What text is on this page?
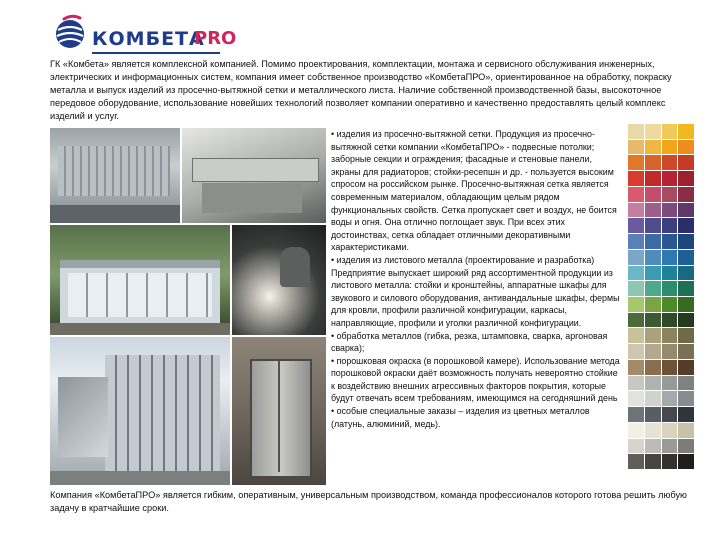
КОМБЕТА
PRO
ГК «Комбета» является комплексной компанией. Помимо проектирования, комплектации, монтажа и сервисного обслуживания инженерных, электрических и информационных систем, компания имеет собственное производство «КомбетаПРО», ориентированное на обработку, покраску металла и выпуск изделий из просечно-вытяжной сетки и металлического листа. Наличие собственной производственной базы, высокоточное передовое оборудование, использование новейших технологий позволяет компании оперативно и качественно предоставлять целый комплекс изделий и услуг.
• изделия из просечно-вытяжной сетки. Продукция из просечно-вытяжной сетки компании «КомбетаПРО» - подвесные потолки; заборные секции и ограждения; фасадные и стеновые панели, экраны для радиаторов; стойки-ресепшн и др. - пользуется высоким спросом на российском рынке. Просечно-вытяжная сетка является современным материалом, обладающим целым рядом функциональных свойств. Сетка пропускает свет и воздух, не боится воды и огня. Она отлично поглощает звук. При всех этих достоинствах, сетка обладает отличными декоративными характеристиками.
• изделия из листового металла (проектирование и разработка) Предприятие выпускает широкий ряд ассортиментной продукции из листового металла: стойки и кронштейны, аппаратные шкафы для звукового и силового оборудования, антивандальные шкафы, фермы для кровли, профили различной конфигурации, каркасы, направляющие, профили и уголки различной конфигурации.
• обработка металлов (гибка, резка, штамповка, сварка, аргоновая сварка);
• порошковая окраска (в порошковой камере). Использование метода порошковой окраски даёт возможность получать невероятно стойкие к воздействию внешних агрессивных факторов покрытия, которые будут отвечать всем требованиям, имеющимся на сегодняшний день
• особые специальные заказы – изделия из цветных металлов (латунь, алюминий, медь).
Компания «КомбетаПРО» является гибким, оперативным, универсальным производством, команда профессионалов которого готова решить любую задачу в кратчайшие сроки.
